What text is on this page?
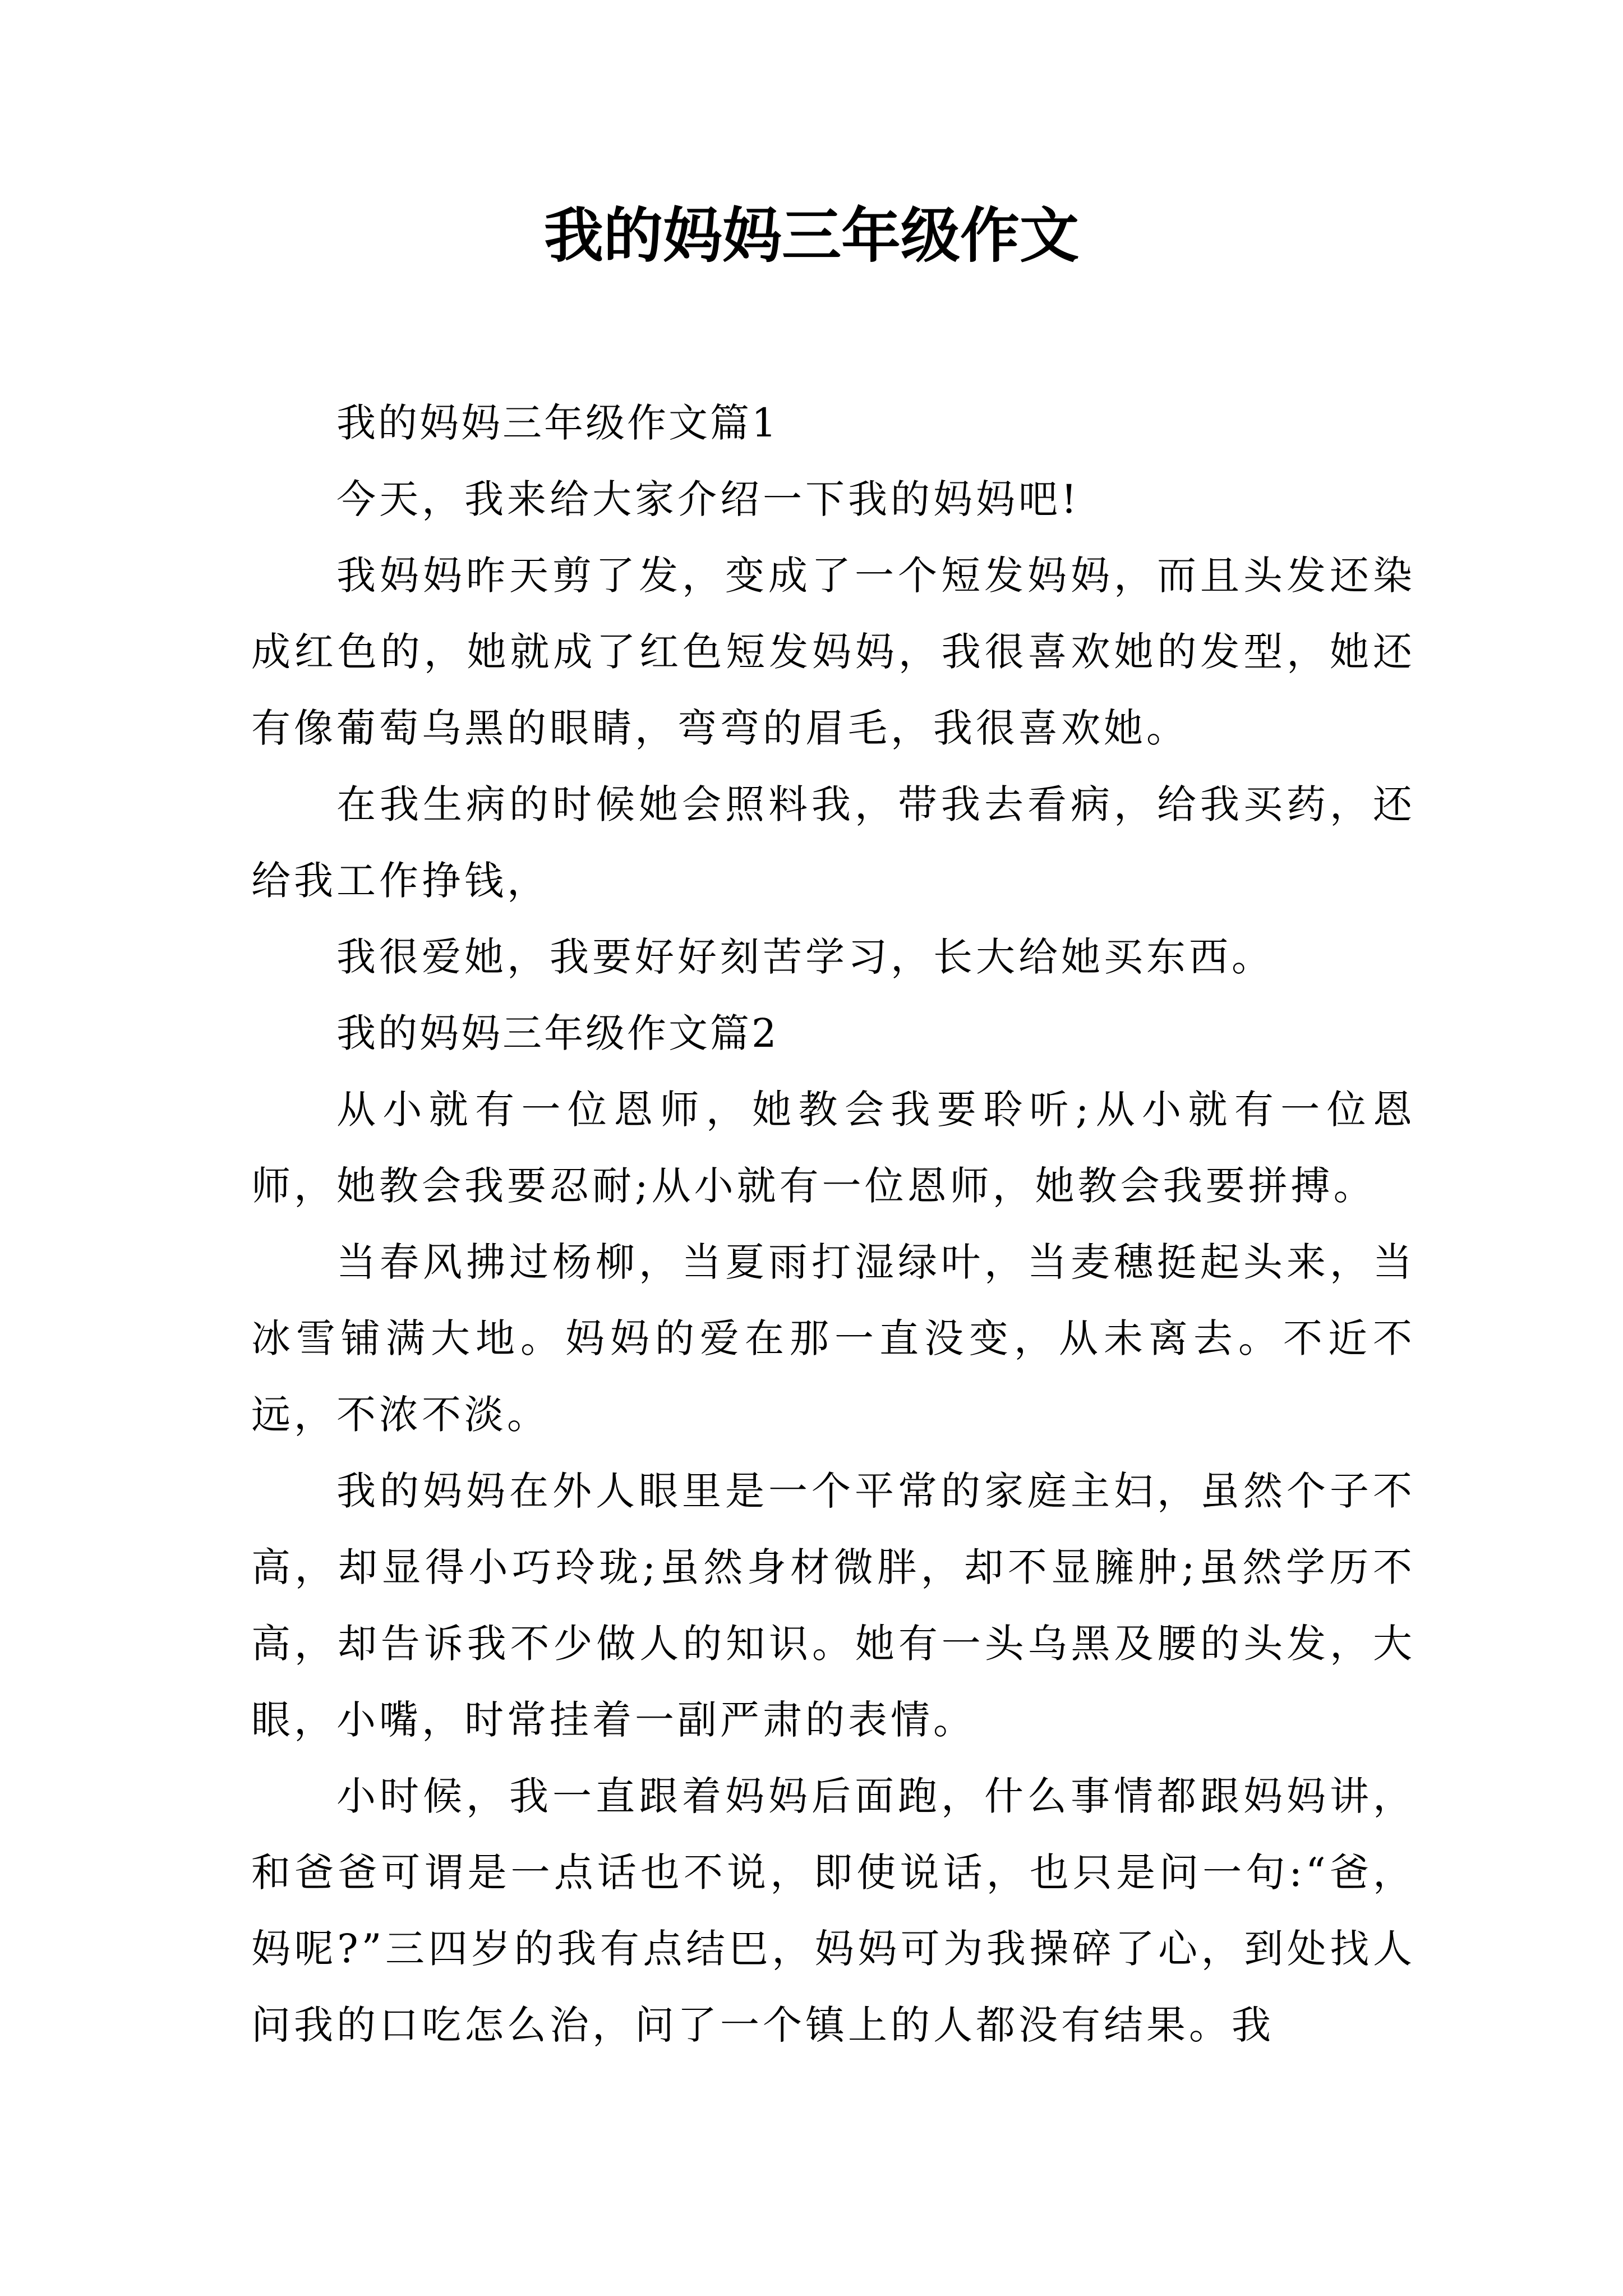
我的妈妈三年级作文

我的妈妈三年级作文篇1

今天，我来给大家介绍一下我的妈妈吧!

我妈妈昨天剪了发，变成了一个短发妈妈，而且头发还染成红色的，她就成了红色短发妈妈，我很喜欢她的发型，她还有像葡萄乌黑的眼睛，弯弯的眉毛，我很喜欢她。

在我生病的时候她会照料我，带我去看病，给我买药，还给我工作挣钱，

我很爱她，我要好好刻苦学习，长大给她买东西。

我的妈妈三年级作文篇2

从小就有一位恩师，她教会我要聆听;从小就有一位恩师，她教会我要忍耐;从小就有一位恩师，她教会我要拼搏。

当春风拂过杨柳，当夏雨打湿绿叶，当麦穗挺起头来，当冰雪铺满大地。妈妈的爱在那一直没变，从未离去。不近不远，不浓不淡。

我的妈妈在外人眼里是一个平常的家庭主妇，虽然个子不高，却显得小巧玲珑;虽然身材微胖，却不显臃肿;虽然学历不高，却告诉我不少做人的知识。她有一头乌黑及腰的头发，大眼，小嘴，时常挂着一副严肃的表情。

小时候，我一直跟着妈妈后面跑，什么事情都跟妈妈讲，和爸爸可谓是一点话也不说，即使说话，也只是问一句:“爸，妈呢?”三四岁的我有点结巴，妈妈可为我操碎了心，到处找人问我的口吃怎么治，问了一个镇上的人都没有结果。我
